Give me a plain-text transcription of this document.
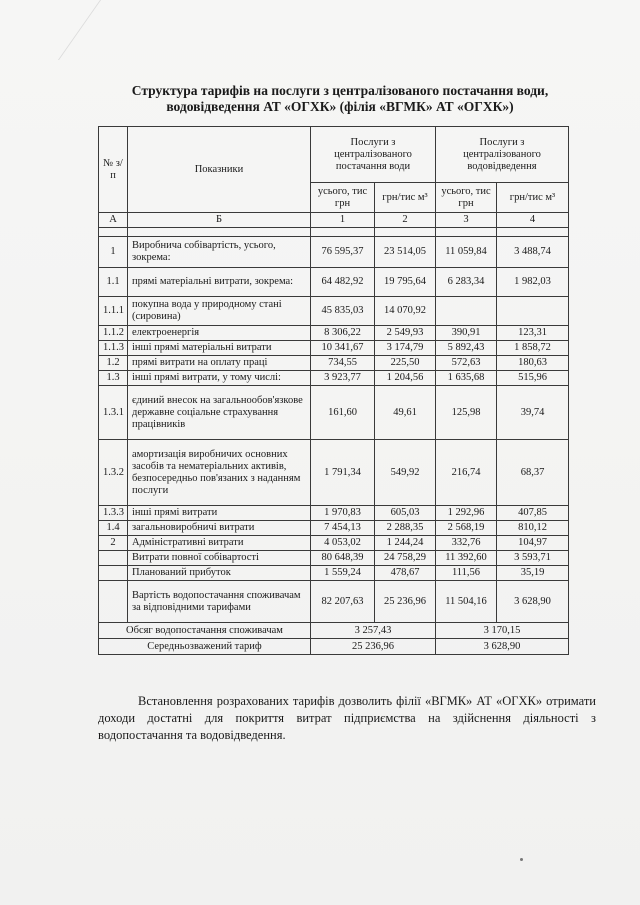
Структура тарифів на послуги з централізованого постачання води,
водовідведення АТ «ОГХК» (філія «ВГМК» АТ «ОГХК»)
№ з/п	Показники	Послуги з централізованого постачання води		Послуги з централізованого водовідведення	
		усього, тис грн	грн/тис м³	усього, тис грн	грн/тис м³
А	Б	1	2	3	4

1	Виробнича собівартість, усього, зокрема:	76 595,37	23 514,05	11 059,84	3 488,74
1.1	прямі матеріальні витрати, зокрема:	64 482,92	19 795,64	6 283,34	1 982,03
1.1.1	покупна вода у природному стані (сировина)	45 835,03	14 070,92		
1.1.2	електроенергія	8 306,22	2 549,93	390,91	123,31
1.1.3	інші прямі матеріальні витрати	10 341,67	3 174,79	5 892,43	1 858,72
1.2	прямі витрати на оплату праці	734,55	225,50	572,63	180,63
1.3	інші прямі витрати, у тому числі:	3 923,77	1 204,56	1 635,68	515,96
1.3.1	єдиний внесок на загальнообов'язкове державне соціальне страхування працівників	161,60	49,61	125,98	39,74
1.3.2	амортизація виробничих основних засобів та нематеріальних активів, безпосередньо пов'язаних з наданням послуги	1 791,34	549,92	216,74	68,37
1.3.3	інші прямі витрати	1 970,83	605,03	1 292,96	407,85
1.4	загальновиробничі витрати	7 454,13	2 288,35	2 568,19	810,12
2	Адміністративні витрати	4 053,02	1 244,24	332,76	104,97
	Витрати повної собівартості	80 648,39	24 758,29	11 392,60	3 593,71
	Планований прибуток	1 559,24	478,67	111,56	35,19
	Вартість водопостачання споживачам за відповідними тарифами	82 207,63	25 236,96	11 504,16	3 628,90
Обсяг водопостачання споживачам		3 257,43		3 170,15	
Середньозважений тариф		25 236,96		3 628,90	
Встановлення розрахованих тарифів дозволить філії «ВГМК» АТ «ОГХК» отримати доходи достатні для покриття витрат підприємства на здійснення діяльності з водопостачання та водовідведення.
